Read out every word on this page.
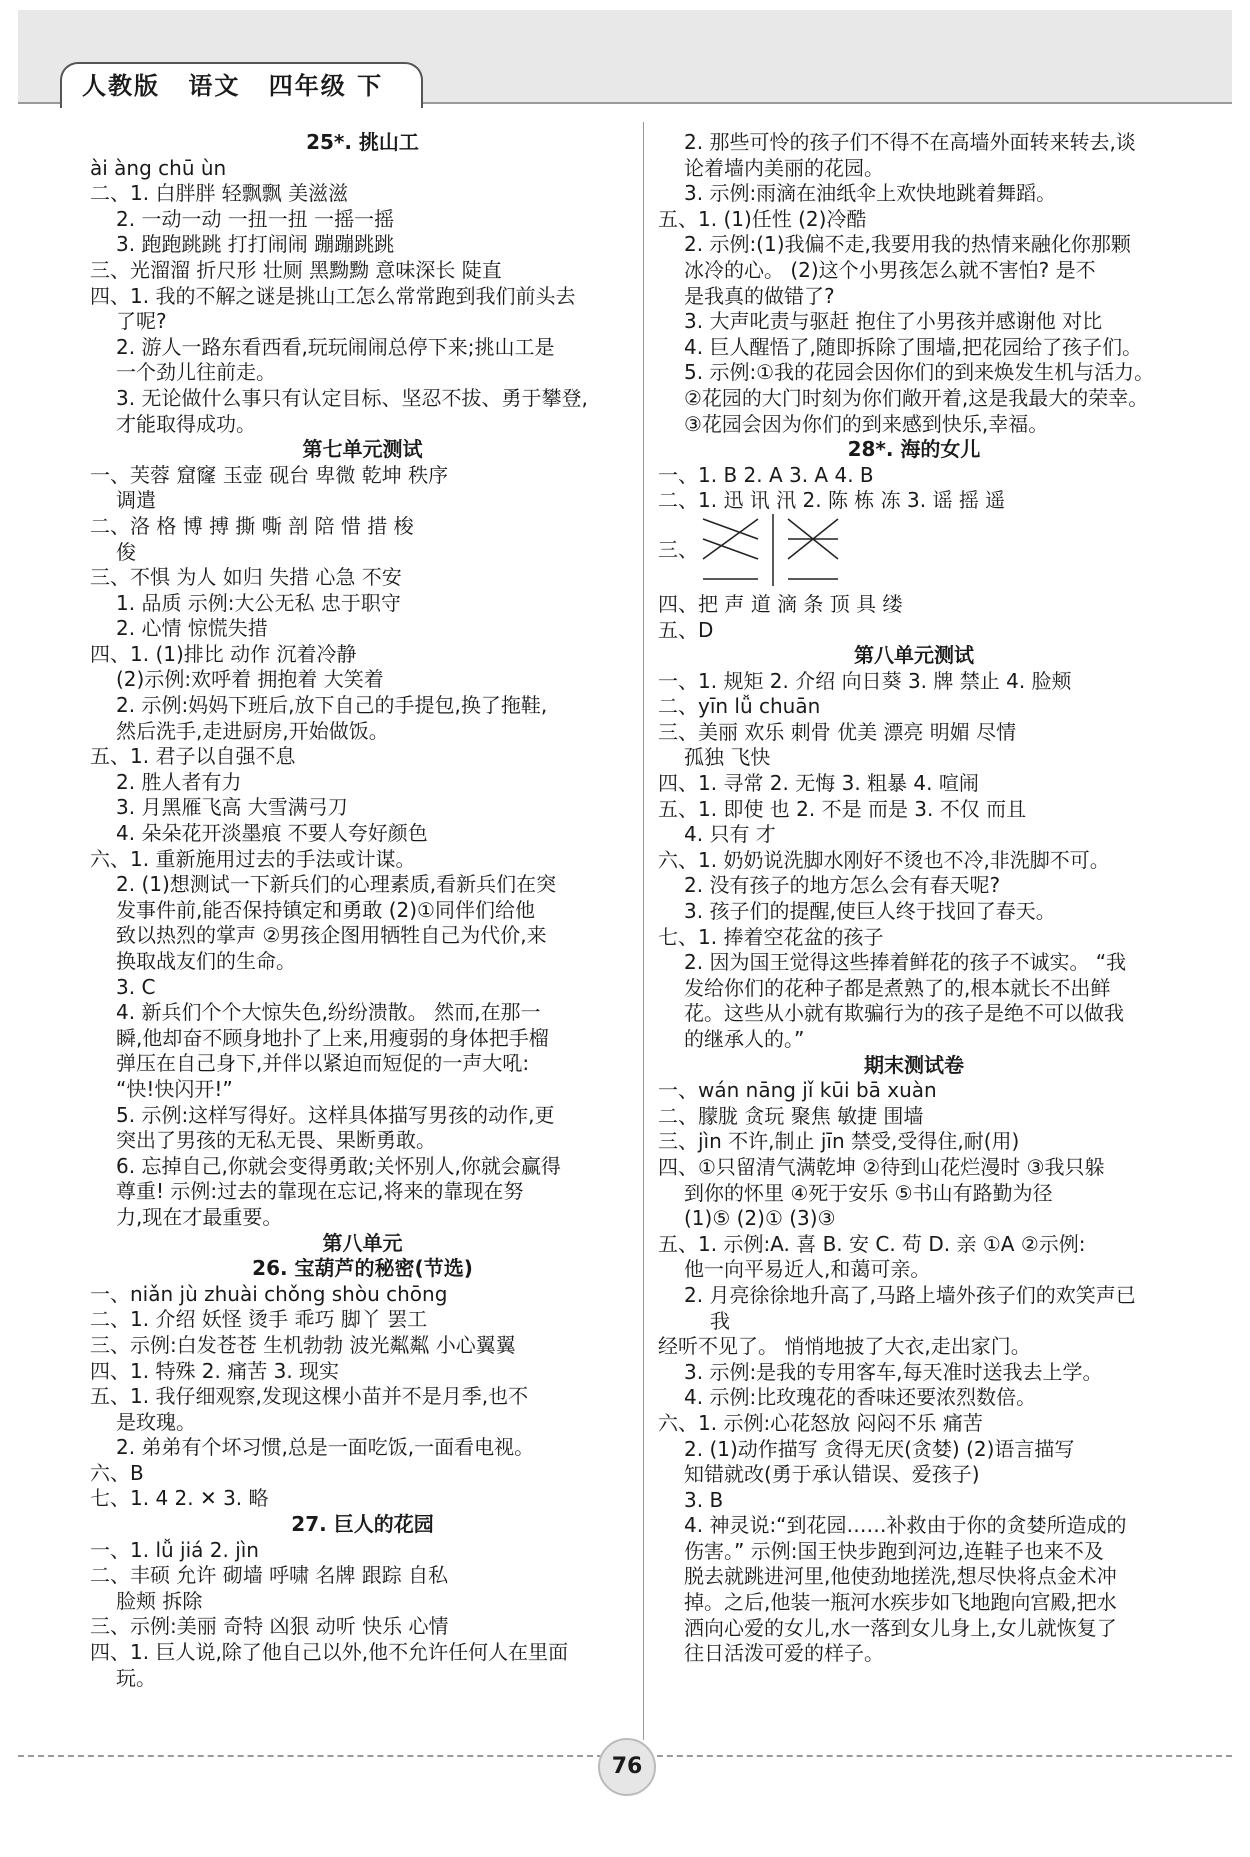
人教版 语文 四年级 下
25*. 挑山工
ài àng chū ùn
二、1. 白胖胖 轻飘飘 美滋滋
2. 一动一动 一扭一扭 一摇一摇
3. 跑跑跳跳 打打闹闹 蹦蹦跳跳
三、光溜溜 折尺形 壮厕 黑黝黝 意味深长 陡直
四、1. 我的不解之谜是挑山工怎么常常跑到我们前头去
了呢?
2. 游人一路东看西看,玩玩闹闹总停下来;挑山工是
一个劲儿往前走。
3. 无论做什么事只有认定目标、坚忍不拔、勇于攀登,
才能取得成功。
第七单元测试
一、芙蓉 窟窿 玉壶 砚台 卑微 乾坤 秩序
调遣
二、洛 格 博 搏 撕 嘶 剖 陪 惜 措 梭
俊
三、不惧 为人 如归 失措 心急 不安
1. 品质 示例:大公无私 忠于职守
2. 心情 惊慌失措
四、1. (1)排比 动作 沉着冷静
(2)示例:欢呼着 拥抱着 大笑着
2. 示例:妈妈下班后,放下自己的手提包,换了拖鞋,
然后洗手,走进厨房,开始做饭。
五、1. 君子以自强不息
2. 胜人者有力
3. 月黑雁飞高 大雪满弓刀
4. 朵朵花开淡墨痕 不要人夸好颜色
六、1. 重新施用过去的手法或计谋。
2. (1)想测试一下新兵们的心理素质,看新兵们在突
发事件前,能否保持镇定和勇敢 (2)①同伴们给他
致以热烈的掌声 ②男孩企图用牺牲自己为代价,来
换取战友们的生命。
3. C
4. 新兵们个个大惊失色,纷纷溃散。 然而,在那一
瞬,他却奋不顾身地扑了上来,用瘦弱的身体把手榴
弹压在自己身下,并伴以紧迫而短促的一声大吼:
“快!快闪开!”
5. 示例:这样写得好。这样具体描写男孩的动作,更
突出了男孩的无私无畏、果断勇敢。
6. 忘掉自己,你就会变得勇敢;关怀别人,你就会赢得
尊重! 示例:过去的靠现在忘记,将来的靠现在努
力,现在才最重要。
第八单元
26. 宝葫芦的秘密(节选)
一、niǎn jù zhuài chǒng shòu chōng
二、1. 介绍 妖怪 烫手 乖巧 脚丫 罢工
三、示例:白发苍苍 生机勃勃 波光粼粼 小心翼翼
四、1. 特殊 2. 痛苦 3. 现实
五、1. 我仔细观察,发现这棵小苗并不是月季,也不
是玫瑰。
2. 弟弟有个坏习惯,总是一面吃饭,一面看电视。
六、B
七、1. 4 2. ✕ 3. 略
27. 巨人的花园
一、1. lǚ jiá 2. jìn
二、丰硕 允许 砌墙 呼啸 名牌 跟踪 自私
脸颊 拆除
三、示例:美丽 奇特 凶狠 动听 快乐 心情
四、1. 巨人说,除了他自己以外,他不允许任何人在里面
玩。
2. 那些可怜的孩子们不得不在高墙外面转来转去,谈
论着墙内美丽的花园。
3. 示例:雨滴在油纸伞上欢快地跳着舞蹈。
五、1. (1)任性 (2)冷酷
2. 示例:(1)我偏不走,我要用我的热情来融化你那颗
冰冷的心。 (2)这个小男孩怎么就不害怕? 是不
是我真的做错了?
3. 大声叱责与驱赶 抱住了小男孩并感谢他 对比
4. 巨人醒悟了,随即拆除了围墙,把花园给了孩子们。
5. 示例:①我的花园会因你们的到来焕发生机与活力。
②花园的大门时刻为你们敞开着,这是我最大的荣幸。
③花园会因为你们的到来感到快乐,幸福。
28*. 海的女儿
一、1. B 2. A 3. A 4. B
二、1. 迅 讯 汛 2. 陈 栋 冻 3. 谣 摇 遥
三、
四、把 声 道 滴 条 顶 具 缕
五、D
第八单元测试
一、1. 规矩 2. 介绍 向日葵 3. 牌 禁止 4. 脸颊
二、yīn lǚ chuān
三、美丽 欢乐 刺骨 优美 漂亮 明媚 尽情
孤独 飞快
四、1. 寻常 2. 无悔 3. 粗暴 4. 喧闹
五、1. 即使 也 2. 不是 而是 3. 不仅 而且
4. 只有 才
六、1. 奶奶说洗脚水刚好不烫也不冷,非洗脚不可。
2. 没有孩子的地方怎么会有春天呢?
3. 孩子们的提醒,使巨人终于找回了春天。
七、1. 捧着空花盆的孩子
2. 因为国王觉得这些捧着鲜花的孩子不诚实。 “我
发给你们的花种子都是煮熟了的,根本就长不出鲜
花。这些从小就有欺骗行为的孩子是绝不可以做我
的继承人的。”
期末测试卷
一、wán nāng jǐ kūi bā xuàn
二、朦胧 贪玩 聚焦 敏捷 围墙
三、jìn 不许,制止 jīn 禁受,受得住,耐(用)
四、①只留清气满乾坤 ②待到山花烂漫时 ③我只躲
到你的怀里 ④死于安乐 ⑤书山有路勤为径
(1)⑤ (2)① (3)③
五、1. 示例:A. 喜 B. 安 C. 苟 D. 亲 ①A ②示例:
他一向平易近人,和蔼可亲。
2. 月亮徐徐地升高了,马路上墙外孩子们的欢笑声已
我
经听不见了。 悄悄地披了大衣,走出家门。
3. 示例:是我的专用客车,每天准时送我去上学。
4. 示例:比玫瑰花的香味还要浓烈数倍。
六、1. 示例:心花怒放 闷闷不乐 痛苦
2. (1)动作描写 贪得无厌(贪婪) (2)语言描写
知错就改(勇于承认错误、爱孩子)
3. B
4. 神灵说:“到花园……补救由于你的贪婪所造成的
伤害。” 示例:国王快步跑到河边,连鞋子也来不及
脱去就跳进河里,他使劲地搓洗,想尽快将点金术冲
掉。之后,他装一瓶河水疾步如飞地跑向宫殿,把水
洒向心爱的女儿,水一落到女儿身上,女儿就恢复了
往日活泼可爱的样子。
76
